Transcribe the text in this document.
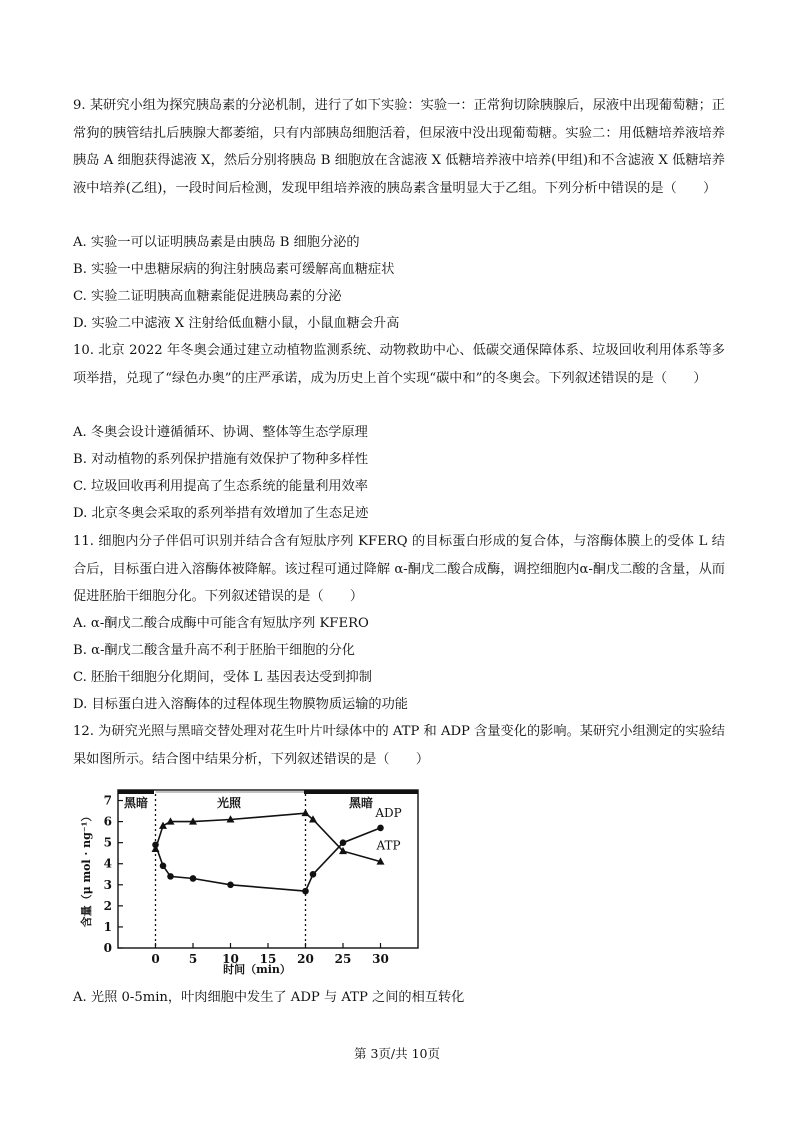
9. 某研究小组为探究胰岛素的分泌机制，进行了如下实验：实验一：正常狗切除胰腺后，尿液中出现葡萄糖；正常狗的胰管结扎后胰腺大都萎缩，只有内部胰岛细胞活着，但尿液中没出现葡萄糖。实验二：用低糖培养液培养胰岛 A 细胞获得滤液 X，然后分别将胰岛 B 细胞放在含滤液 X 低糖培养液中培养(甲组)和不含滤液 X 低糖培养液中培养(乙组)，一段时间后检测，发现甲组培养液的胰岛素含量明显大于乙组。下列分析中错误的是（　　）

A. 实验一可以证明胰岛素是由胰岛 B 细胞分泌的

B. 实验一中患糖尿病的狗注射胰岛素可缓解高血糖症状

C. 实验二证明胰高血糖素能促进胰岛素的分泌

D. 实验二中滤液 X 注射给低血糖小鼠，小鼠血糖会升高

10. 北京 2022 年冬奥会通过建立动植物监测系统、动物救助中心、低碳交通保障体系、垃圾回收利用体系等多项举措，兑现了“绿色办奥”的庄严承诺，成为历史上首个实现“碳中和”的冬奥会。下列叙述错误的是（　　）

A. 冬奥会设计遵循循环、协调、整体等生态学原理

B. 对动植物的系列保护措施有效保护了物种多样性

C. 垃圾回收再利用提高了生态系统的能量利用效率

D. 北京冬奥会采取的系列举措有效增加了生态足迹

11. 细胞内分子伴侣可识别并结合含有短肽序列 KFERQ 的目标蛋白形成的复合体，与溶酶体膜上的受体 L 结合后，目标蛋白进入溶酶体被降解。该过程可通过降解 α-酮戊二酸合成酶，调控细胞内α-酮戊二酸的含量，从而促进胚胎干细胞分化。下列叙述错误的是（　　）

A. α-酮戊二酸合成酶中可能含有短肽序列 KFERO

B. α-酮戊二酸含量升高不利于胚胎干细胞的分化

C. 胚胎干细胞分化期间，受体 L 基因表达受到抑制

D. 目标蛋白进入溶酶体的过程体现生物膜物质运输的功能

12. 为研究光照与黑暗交替处理对花生叶片叶绿体中的 ATP 和 ADP 含量变化的影响。某研究小组测定的实验结果如图所示。结合图中结果分析，下列叙述错误的是（　　）

含量（μ mol · ng⁻¹）
时间（min）
黑暗	光照	黑暗
0
1
2
3
4
5
6
7
0 5 10 15 20 25 30
ATP
ADP

A. 光照 0-5min，叶肉细胞中发生了 ADP 与 ATP 之间的相互转化

第 3页/共 10页
